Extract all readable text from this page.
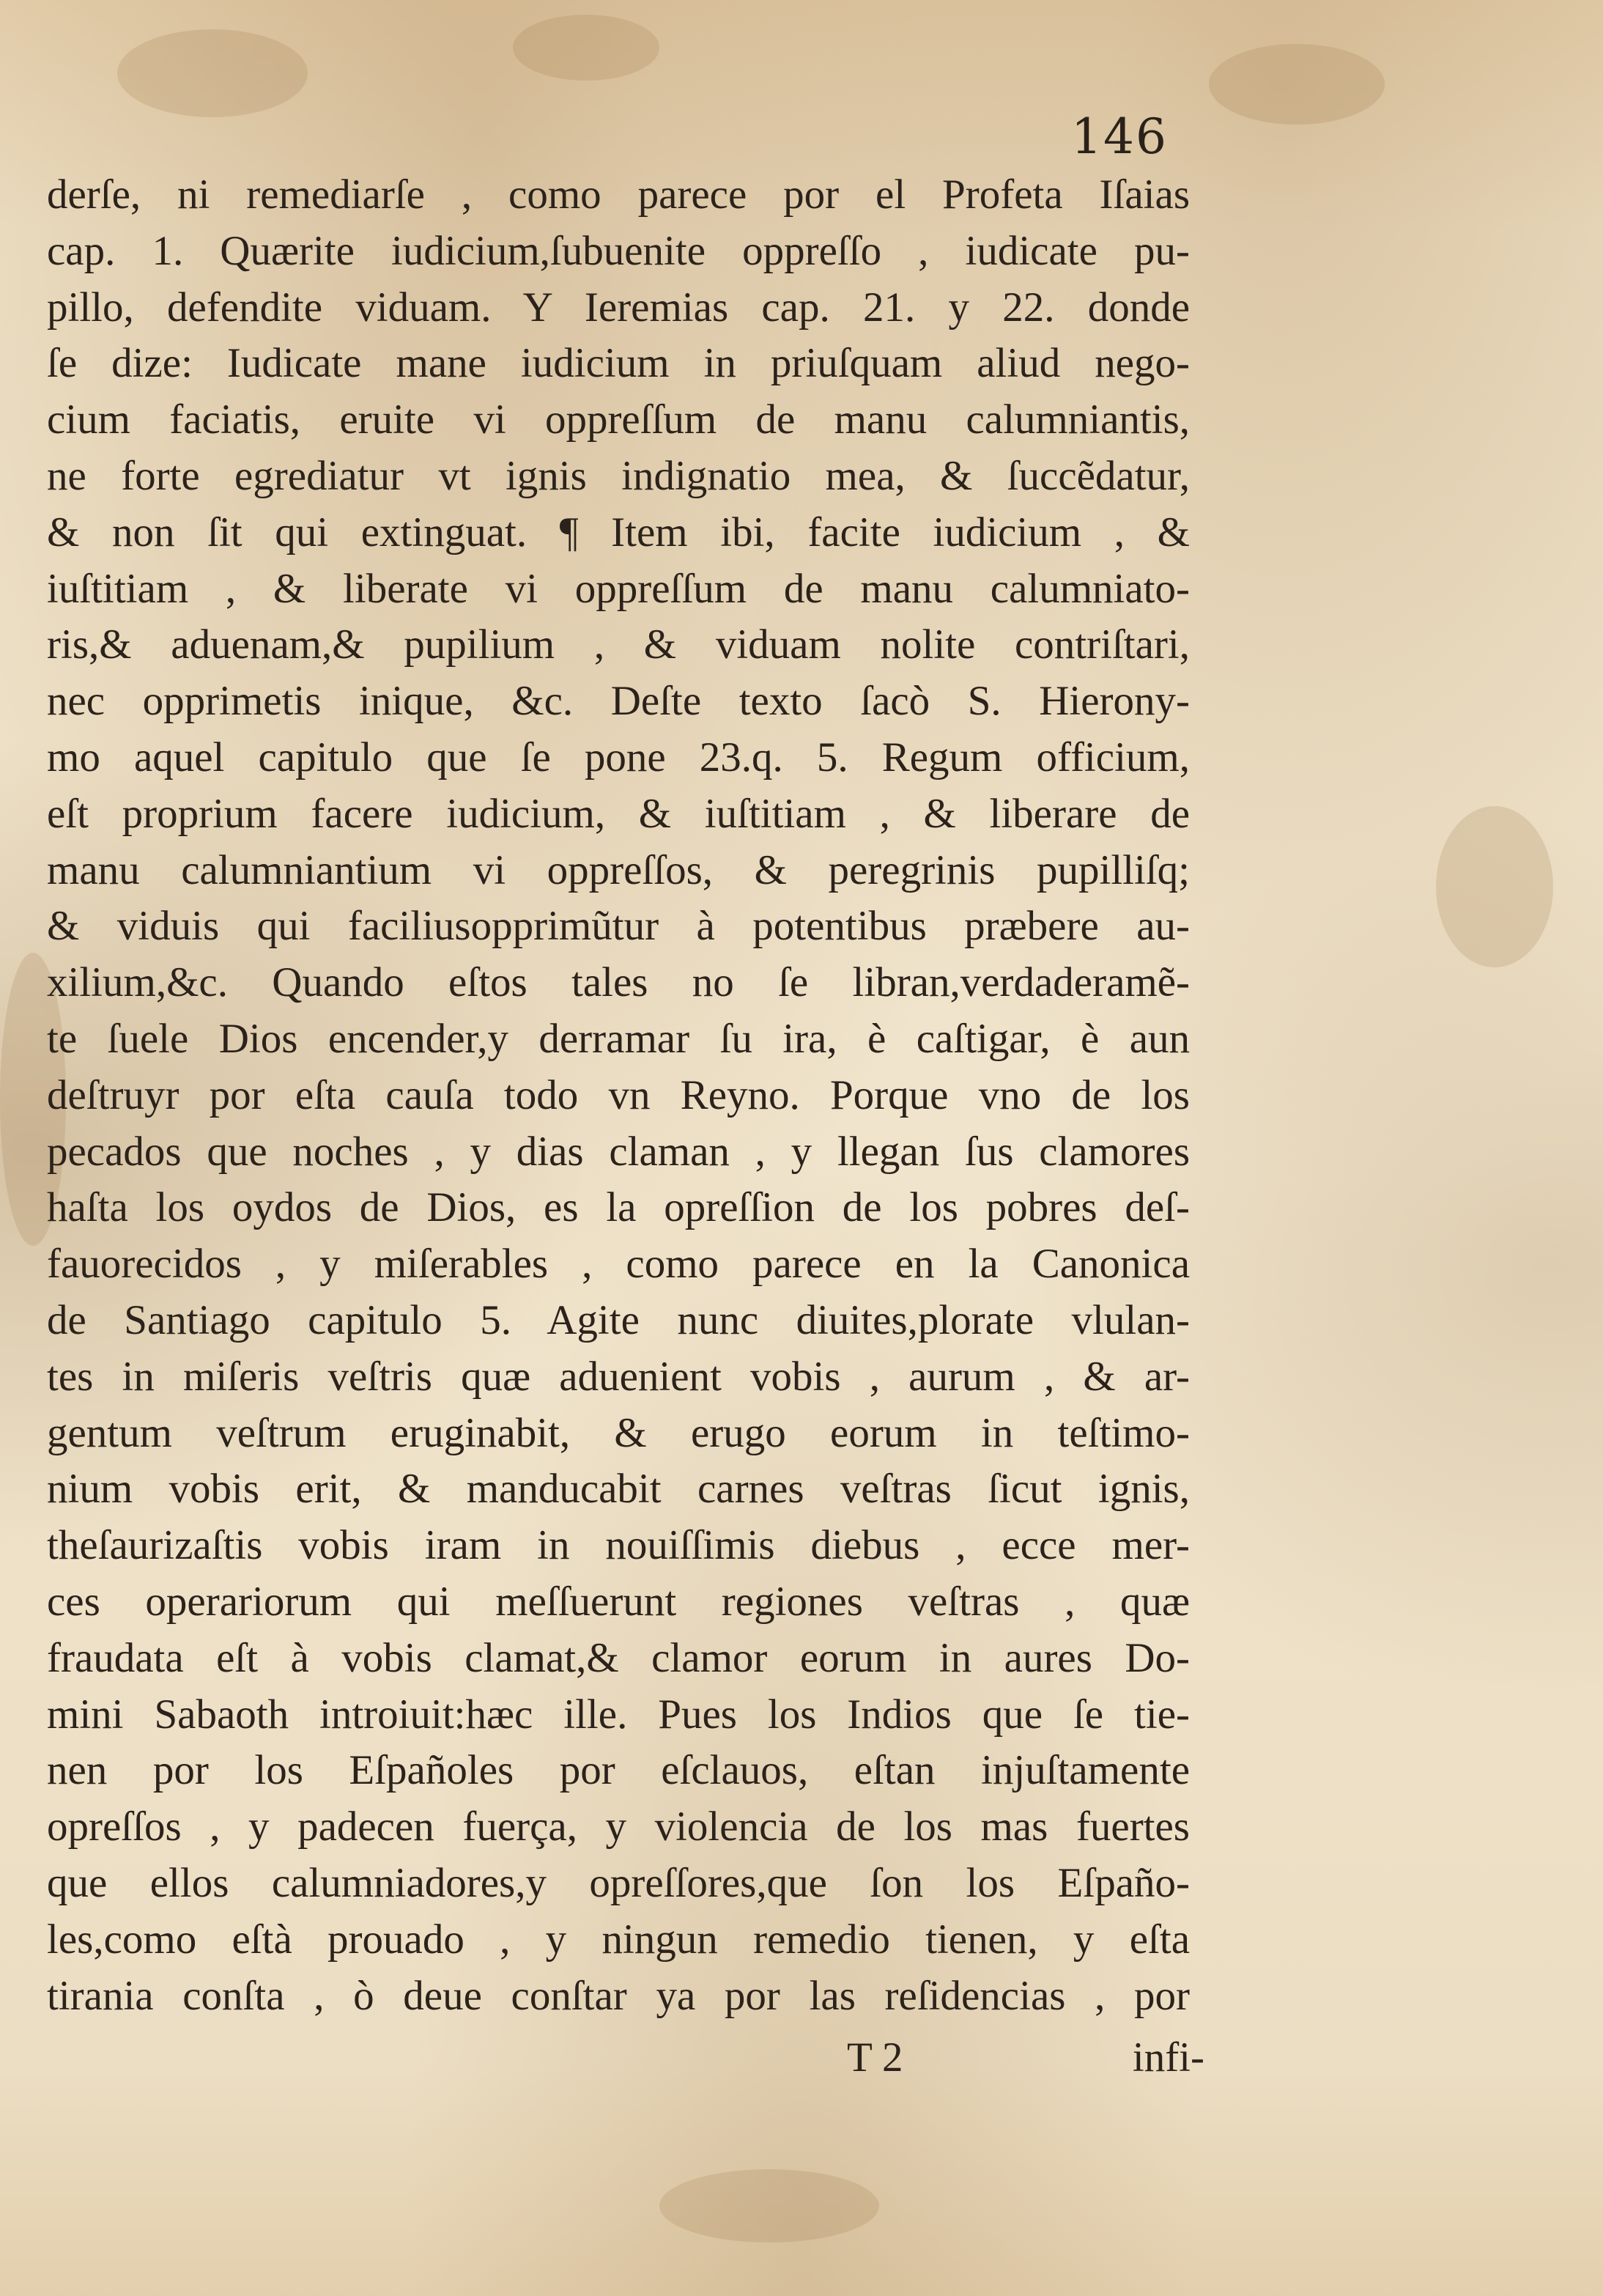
146
derſe, ni remediarſe , como parece por el Profeta Iſaias
cap. 1. Quærite iudicium,ſubuenite oppreſſo , iudicate pu-
pillo, defendite viduam. Y Ieremias cap. 21. y 22. donde
ſe dize: Iudicate mane iudicium in priuſquam aliud nego-
cium faciatis, eruite vi oppreſſum de manu calumniantis,
ne forte egrediatur vt ignis indignatio mea, & ſuccẽdatur,
& non ſit qui extinguat. ¶ Item ibi, facite iudicium , &
iuſtitiam , & liberate vi oppreſſum de manu calumniato-
ris,& aduenam,& pupilium , & viduam nolite contriſtari,
nec opprimetis inique, &c. Deſte texto ſacò S. Hierony-
mo aquel capitulo que ſe pone 23.q. 5. Regum officium,
eſt proprium facere iudicium, & iuſtitiam , & liberare de
manu calumniantium vi oppreſſos, & peregrinis pupilliſq;
& viduis qui faciliusopprimũtur à potentibus præbere au-
xilium,&c. Quando eſtos tales no ſe libran,verdaderamẽ-
te ſuele Dios encender,y derramar ſu ira, è caſtigar, è aun
deſtruyr por eſta cauſa todo vn Reyno. Porque vno de los
pecados que noches , y dias claman , y llegan ſus clamores
haſta los oydos de Dios, es la opreſſion de los pobres deſ-
fauorecidos , y miſerables , como parece en la Canonica
de Santiago capitulo 5. Agite nunc diuites,plorate vlulan-
tes in miſeris veſtris quæ aduenient vobis , aurum , & ar-
gentum veſtrum eruginabit, & erugo eorum in teſtimo-
nium vobis erit, & manducabit carnes veſtras ſicut ignis,
theſaurizaſtis vobis iram in nouiſſimis diebus , ecce mer-
ces operariorum qui meſſuerunt regiones veſtras , quæ
fraudata eſt à vobis clamat,& clamor eorum in aures Do-
mini Sabaoth introiuit:hæc ille. Pues los Indios que ſe tie-
nen por los Eſpañoles por eſclauos, eſtan injuſtamente
opreſſos , y padecen fuerça, y violencia de los mas fuertes
que ellos calumniadores,y opreſſores,que ſon los Eſpaño-
les,como eſtà prouado , y ningun remedio tienen, y eſta
tirania conſta , ò deue conſtar ya por las reſidencias , por
T 2	infi-
